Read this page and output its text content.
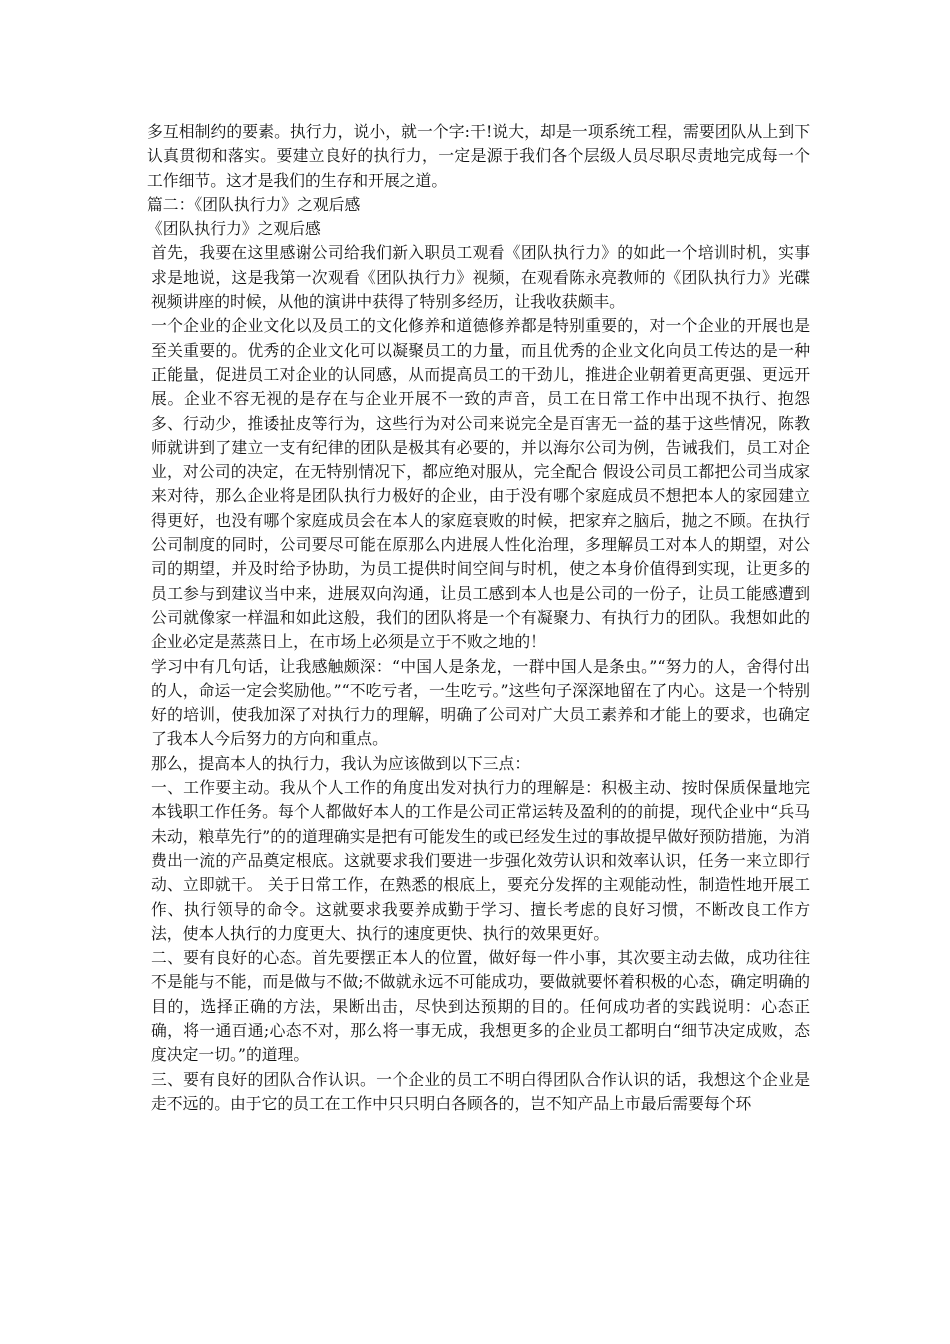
多互相制约的要素。执行力，说小，就一个字:干!说大，却是一项系统工程，需要团队从上到下认真贯彻和落实。要建立良好的执行力，一定是源于我们各个层级人员尽职尽责地完成每一个工作细节。这才是我们的生存和开展之道。

篇二：《团队执行力》之观后感

《团队执行力》之观后感

首先，我要在这里感谢公司给我们新入职员工观看《团队执行力》的如此一个培训时机，实事求是地说，这是我第一次观看《团队执行力》视频，在观看陈永亮教师的《团队执行力》光碟视频讲座的时候，从他的演讲中获得了特别多经历，让我收获颇丰。

一个企业的企业文化以及员工的文化修养和道德修养都是特别重要的，对一个企业的开展也是至关重要的。优秀的企业文化可以凝聚员工的力量，而且优秀的企业文化向员工传达的是一种正能量，促进员工对企业的认同感，从而提高员工的干劲儿，推进企业朝着更高更强、更远开展。企业不容无视的是存在与企业开展不一致的声音，员工在日常工作中出现不执行、抱怨多、行动少，推诿扯皮等行为，这些行为对公司来说完全是百害无一益的基于这些情况，陈教师就讲到了建立一支有纪律的团队是极其有必要的，并以海尔公司为例，告诫我们，员工对企业，对公司的决定，在无特别情况下，都应绝对服从，完全配合 假设公司员工都把公司当成家来对待，那么企业将是团队执行力极好的企业，由于没有哪个家庭成员不想把本人的家园建立得更好，也没有哪个家庭成员会在本人的家庭衰败的时候，把家弃之脑后，抛之不顾。在执行公司制度的同时，公司要尽可能在原那么内进展人性化治理，多理解员工对本人的期望，对公司的期望，并及时给予协助，为员工提供时间空间与时机，使之本身价值得到实现，让更多的员工参与到建议当中来，进展双向沟通，让员工感到本人也是公司的一份子，让员工能感遭到公司就像家一样温和如此这般，我们的团队将是一个有凝聚力、有执行力的团队。我想如此的企业必定是蒸蒸日上，在市场上必须是立于不败之地的！

学习中有几句话，让我感触颇深：“中国人是条龙，一群中国人是条虫。”“努力的人，舍得付出的人，命运一定会奖励他。”“不吃亏者，一生吃亏。”这些句子深深地留在了内心。这是一个特别好的培训，使我加深了对执行力的理解，明确了公司对广大员工素养和才能上的要求，也确定了我本人今后努力的方向和重点。

那么，提高本人的执行力，我认为应该做到以下三点：

一、工作要主动。我从个人工作的角度出发对执行力的理解是：积极主动、按时保质保量地完本钱职工作任务。每个人都做好本人的工作是公司正常运转及盈利的的前提，现代企业中“兵马未动，粮草先行”的的道理确实是把有可能发生的或已经发生过的事故提早做好预防措施，为消费出一流的产品奠定根底。这就要求我们要进一步强化效劳认识和效率认识，任务一来立即行动、立即就干。 关于日常工作，在熟悉的根底上，要充分发挥的主观能动性，制造性地开展工作、执行领导的命令。这就要求我要养成勤于学习、擅长考虑的良好习惯，不断改良工作方法，使本人执行的力度更大、执行的速度更快、执行的效果更好。

二、要有良好的心态。首先要摆正本人的位置，做好每一件小事，其次要主动去做，成功往往不是能与不能，而是做与不做;不做就永远不可能成功，要做就要怀着积极的心态，确定明确的目的，选择正确的方法，果断出击，尽快到达预期的目的。任何成功者的实践说明：心态正确，将一通百通;心态不对，那么将一事无成，我想更多的企业员工都明白“细节决定成败，态度决定一切。”的道理。

三、要有良好的团队合作认识。一个企业的员工不明白得团队合作认识的话，我想这个企业是走不远的。由于它的员工在工作中只只明白各顾各的，岂不知产品上市最后需要每个环
